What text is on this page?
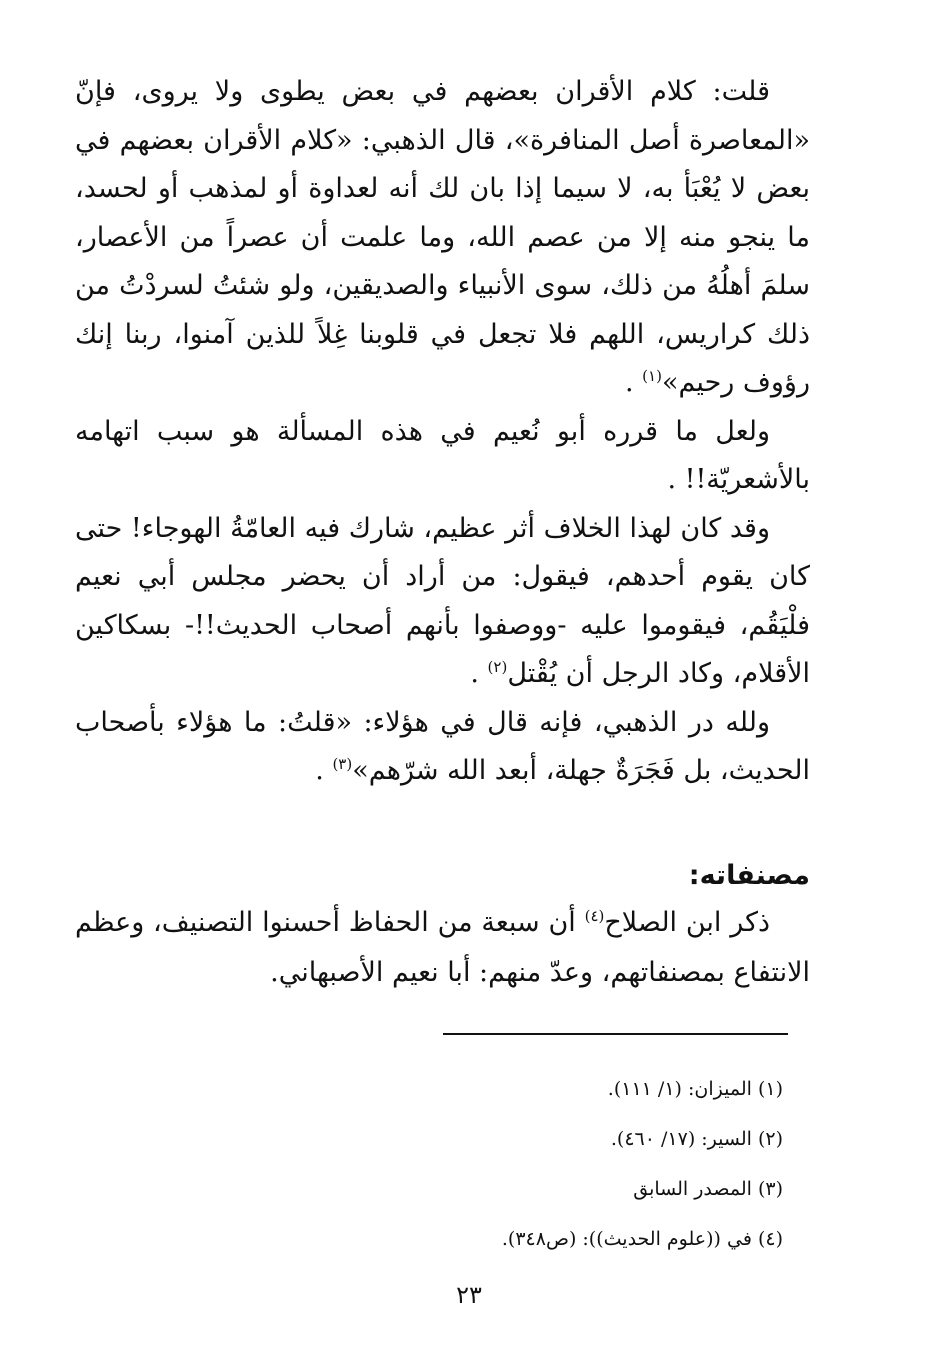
قلت: كلام الأقران بعضهم في بعض يطوى ولا يروى، فإنّ «المعاصرة أصل المنافرة»، قال الذهبي: «كلام الأقران بعضهم في بعض لا يُعْبَأ به، لا سيما إذا بان لك أنه لعداوة أو لمذهب أو لحسد، ما ينجو منه إلا من عصم الله، وما علمت أن عصراً من الأعصار، سلمَ أهلُهُ من ذلك، سوى الأنبياء والصديقين، ولو شئتُ لسردْتُ من ذلك كراريس، اللهم فلا تجعل في قلوبنا غِلاً للذين آمنوا، ربنا إنك رؤوف رحيم»$^{(١)}$ .

ولعل ما قرره أبو نُعيم في هذه المسألة هو سبب اتهامه بالأشعريّة!! .

وقد كان لهذا الخلاف أثر عظيم، شارك فيه العامّةُ الهوجاء! حتى كان يقوم أحدهم، فيقول: من أراد أن يحضر مجلس أبي نعيم فلْيَقُم، فيقوموا عليه -ووصفوا بأنهم أصحاب الحديث!!- بسكاكين الأقلام، وكاد الرجل أن يُقْتل$^{(٢)}$ .

ولله در الذهبي، فإنه قال في هؤلاء: «قلتُ: ما هؤلاء بأصحاب الحديث، بل فَجَرَةٌ جهلة، أبعد الله شرّهم»$^{(٣)}$ .

مصنفاته:

ذكر ابن الصلاح$^{(٤)}$ أن سبعة من الحفاظ أحسنوا التصنيف، وعظم الانتفاع بمصنفاتهم، وعدّ منهم: أبا نعيم الأصبهاني.

(١) الميزان: (١/ ١١١).

(٢) السير: (١٧/ ٤٦٠).

(٣) المصدر السابق

(٤) في ((علوم الحديث)): (ص٣٤٨).

٢٣
